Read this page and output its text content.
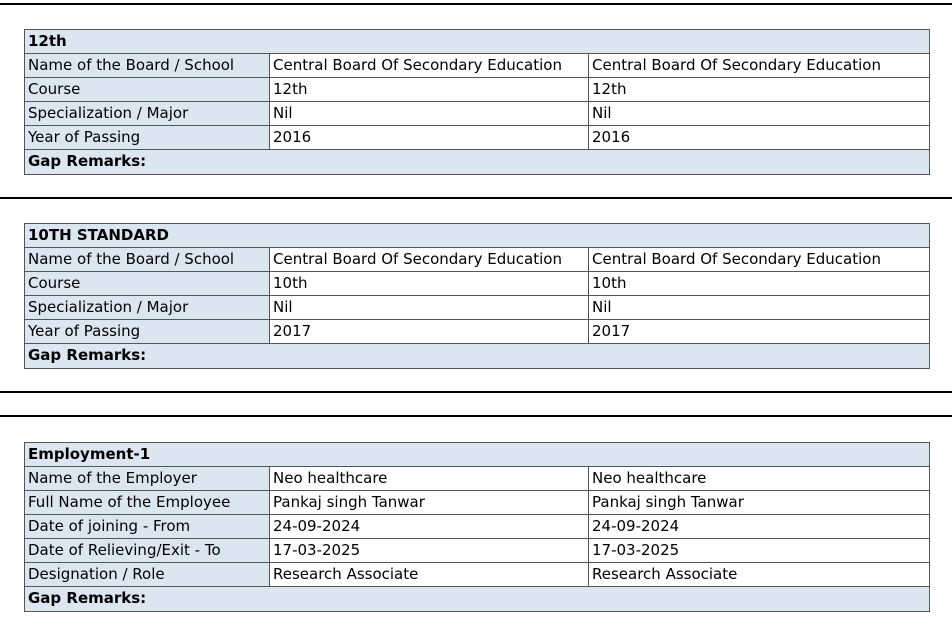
12th
Name of the Board / School	Central Board Of Secondary Education	Central Board Of Secondary Education
Course	12th	12th
Specialization / Major	Nil	Nil
Year of Passing	2016	2016
Gap Remarks:
10TH STANDARD
Name of the Board / School	Central Board Of Secondary Education	Central Board Of Secondary Education
Course	10th	10th
Specialization / Major	Nil	Nil
Year of Passing	2017	2017
Gap Remarks:
Employment-1
Name of the Employer	Neo healthcare	Neo healthcare
Full Name of the Employee	Pankaj singh Tanwar	Pankaj singh Tanwar
Date of joining - From	24-09-2024	24-09-2024
Date of Relieving/Exit - To	17-03-2025	17-03-2025
Designation / Role	Research Associate	Research Associate
Gap Remarks:
